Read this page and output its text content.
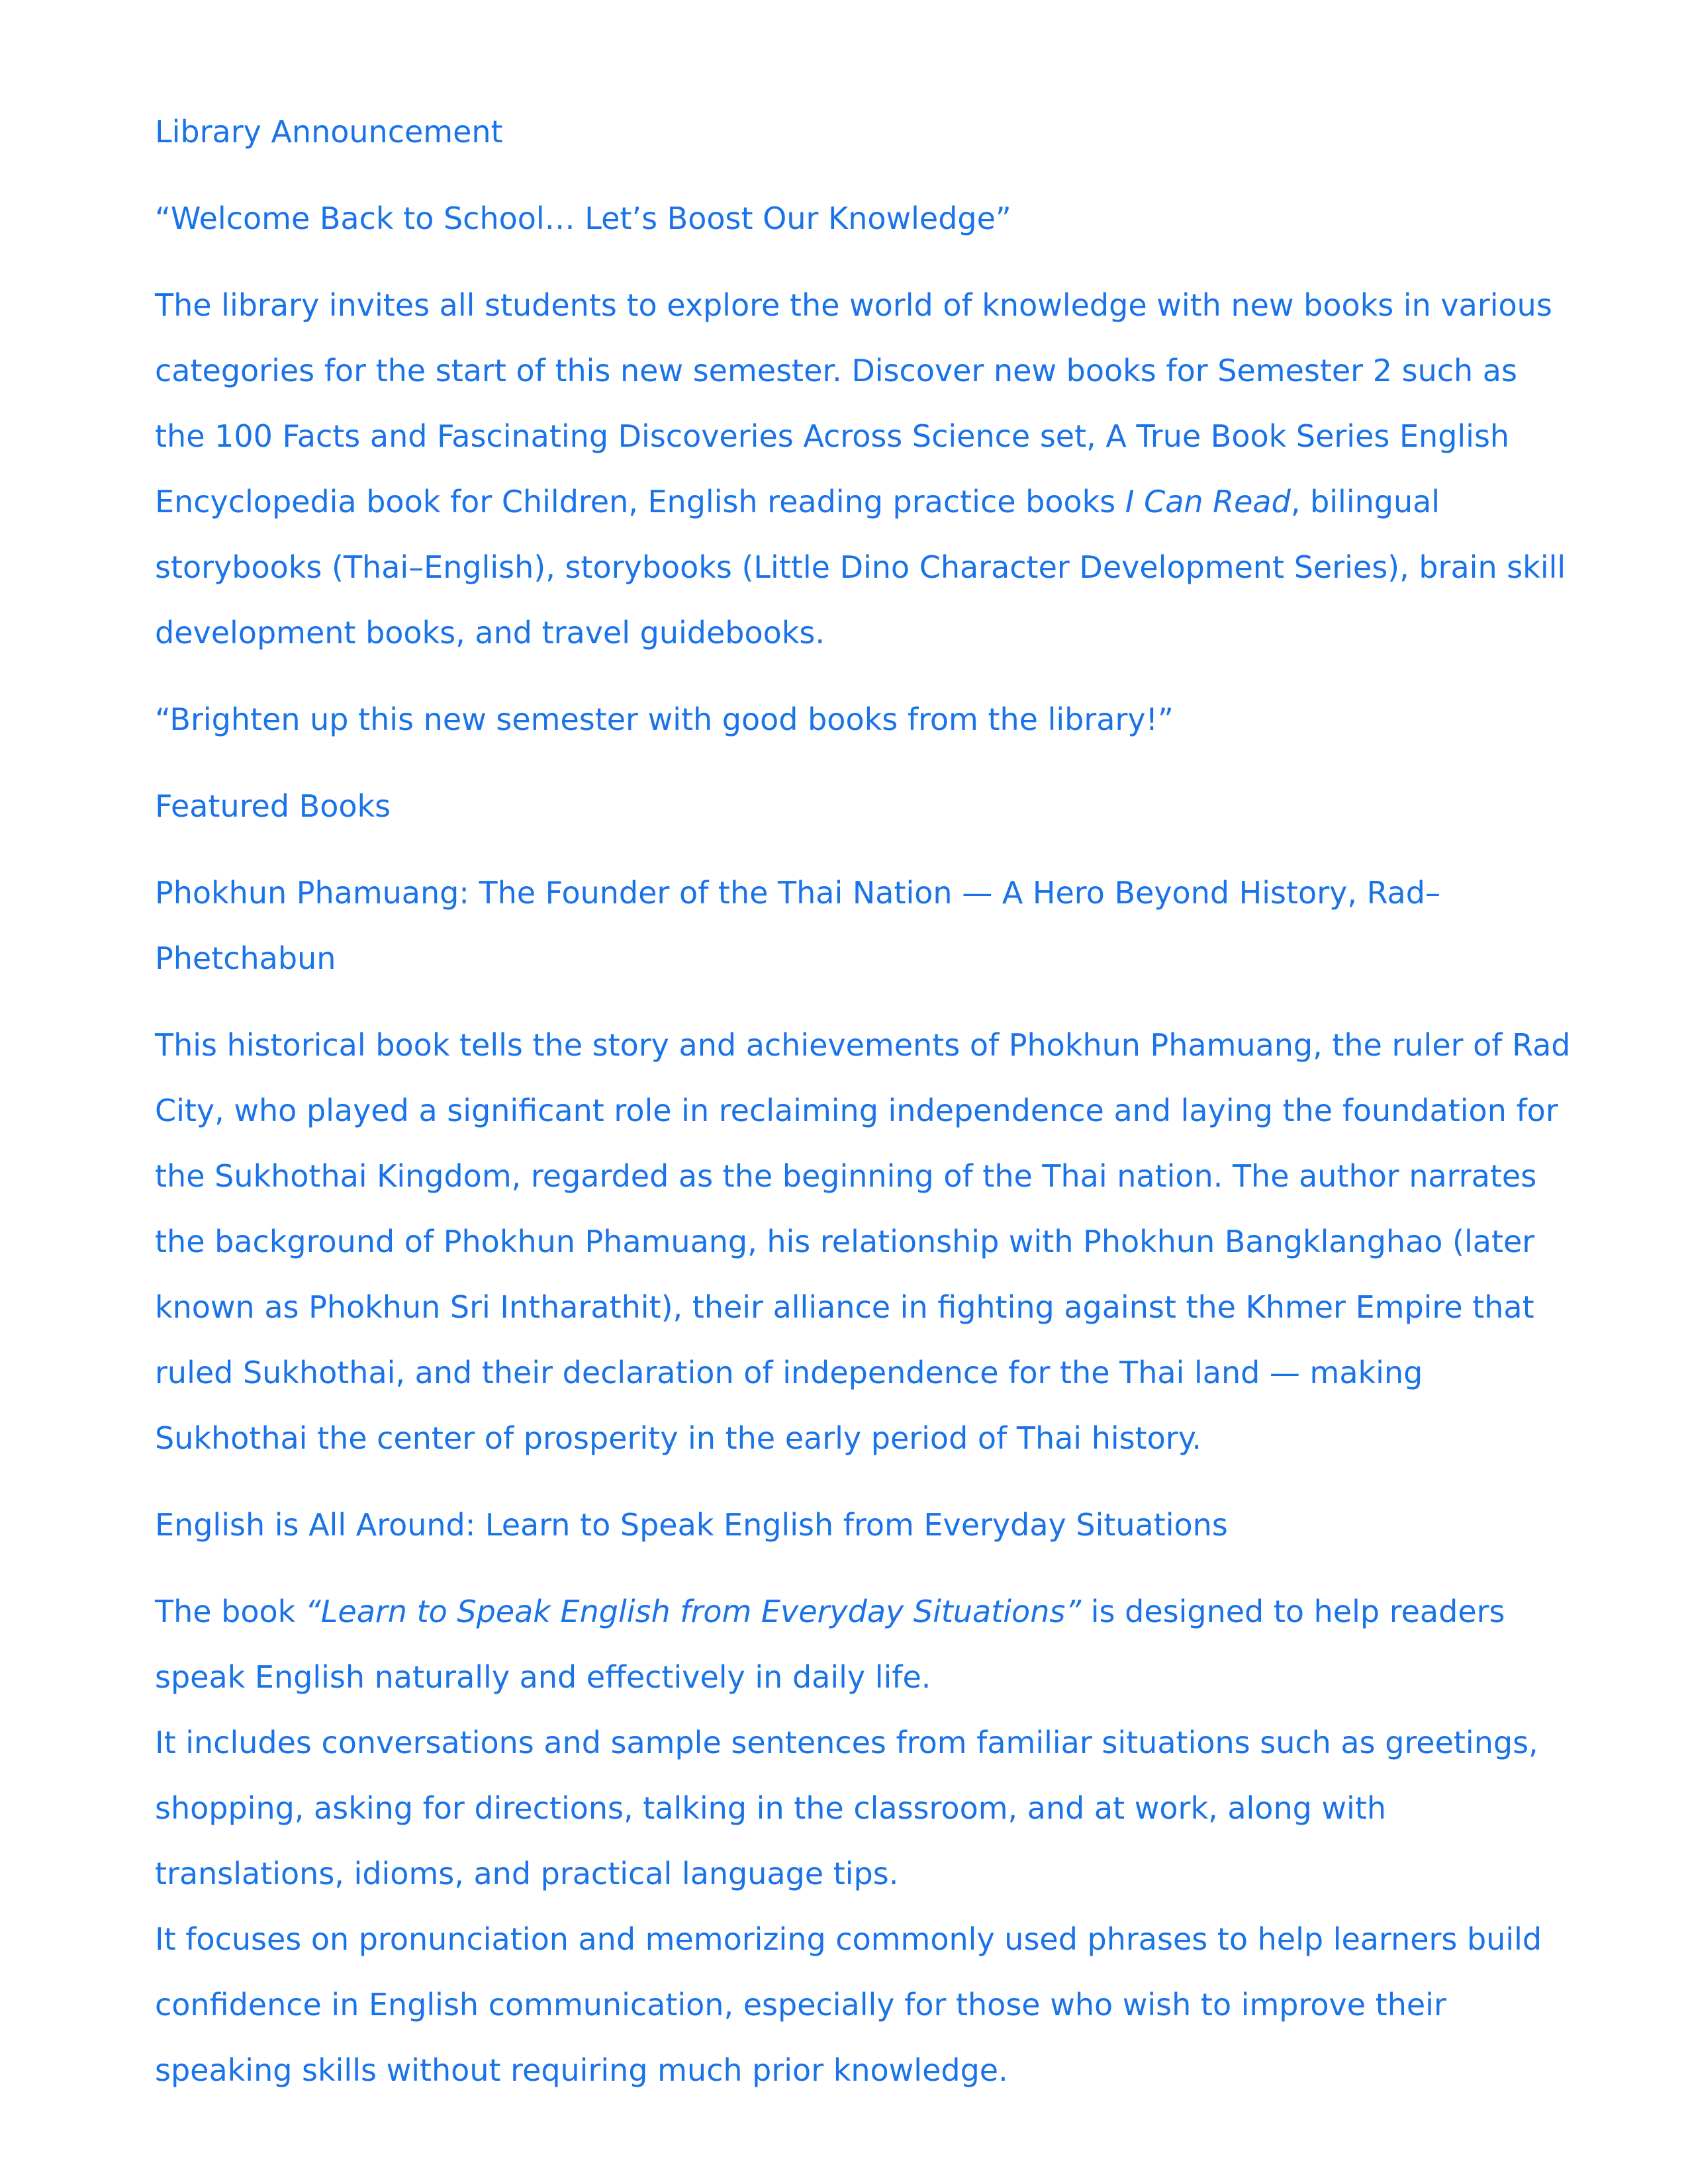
Library Announcement
“Welcome Back to School… Let’s Boost Our Knowledge”
The library invites all students to explore the world of knowledge with new books in various categories for the start of this new semester. Discover new books for Semester 2 such as the 100 Facts and Fascinating Discoveries Across Science set, A True Book Series English Encyclopedia book for Children, English reading practice books I Can Read, bilingual storybooks (Thai–English), storybooks (Little Dino Character Development Series), brain skill development books, and travel guidebooks.
“Brighten up this new semester with good books from the library!”
Featured Books
Phokhun Phamuang: The Founder of the Thai Nation — A Hero Beyond History, Rad–Phetchabun
This historical book tells the story and achievements of Phokhun Phamuang, the ruler of Rad City, who played a significant role in reclaiming independence and laying the foundation for the Sukhothai Kingdom, regarded as the beginning of the Thai nation. The author narrates the background of Phokhun Phamuang, his relationship with Phokhun Bangklanghao (later known as Phokhun Sri Intharathit), their alliance in fighting against the Khmer Empire that ruled Sukhothai, and their declaration of independence for the Thai land — making Sukhothai the center of prosperity in the early period of Thai history.
English is All Around: Learn to Speak English from Everyday Situations
The book “Learn to Speak English from Everyday Situations” is designed to help readers speak English naturally and effectively in daily life.
It includes conversations and sample sentences from familiar situations such as greetings, shopping, asking for directions, talking in the classroom, and at work, along with translations, idioms, and practical language tips.
It focuses on pronunciation and memorizing commonly used phrases to help learners build confidence in English communication, especially for those who wish to improve their speaking skills without requiring much prior knowledge.
